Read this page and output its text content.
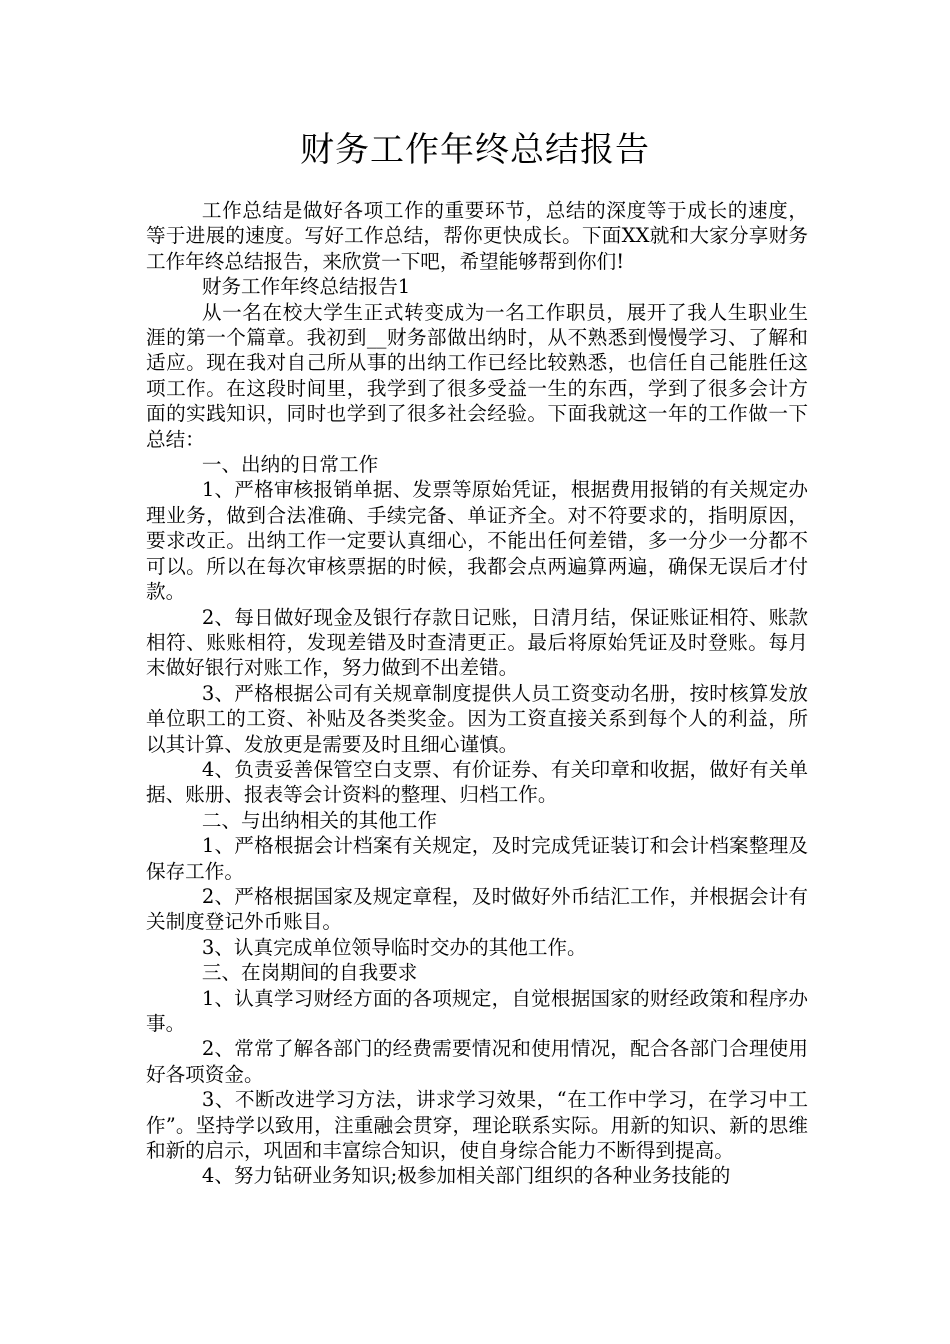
财务工作年终总结报告

工作总结是做好各项工作的重要环节，总结的深度等于成长的速度，等于进展的速度。写好工作总结，帮你更快成长。下面XX就和大家分享财务工作年终总结报告，来欣赏一下吧，希望能够帮到你们!

财务工作年终总结报告1

从一名在校大学生正式转变成为一名工作职员，展开了我人生职业生涯的第一个篇章。我初到__财务部做出纳时，从不熟悉到慢慢学习、了解和适应。现在我对自己所从事的出纳工作已经比较熟悉，也信任自己能胜任这项工作。在这段时间里，我学到了很多受益一生的东西，学到了很多会计方面的实践知识，同时也学到了很多社会经验。下面我就这一年的工作做一下总结：

一、出纳的日常工作

1、严格审核报销单据、发票等原始凭证，根据费用报销的有关规定办理业务，做到合法准确、手续完备、单证齐全。对不符要求的，指明原因，要求改正。出纳工作一定要认真细心，不能出任何差错，多一分少一分都不可以。所以在每次审核票据的时候，我都会点两遍算两遍，确保无误后才付款。

2、每日做好现金及银行存款日记账，日清月结，保证账证相符、账款相符、账账相符，发现差错及时查清更正。最后将原始凭证及时登账。每月末做好银行对账工作，努力做到不出差错。

3、严格根据公司有关规章制度提供人员工资变动名册，按时核算发放单位职工的工资、补贴及各类奖金。因为工资直接关系到每个人的利益，所以其计算、发放更是需要及时且细心谨慎。

4、负责妥善保管空白支票、有价证券、有关印章和收据，做好有关单据、账册、报表等会计资料的整理、归档工作。

二、与出纳相关的其他工作

1、严格根据会计档案有关规定，及时完成凭证装订和会计档案整理及保存工作。

2、严格根据国家及规定章程，及时做好外币结汇工作，并根据会计有关制度登记外币账目。

3、认真完成单位领导临时交办的其他工作。

三、在岗期间的自我要求

1、认真学习财经方面的各项规定，自觉根据国家的财经政策和程序办事。

2、常常了解各部门的经费需要情况和使用情况，配合各部门合理使用好各项资金。

3、不断改进学习方法，讲求学习效果，“在工作中学习，在学习中工作”。坚持学以致用，注重融会贯穿，理论联系实际。用新的知识、新的思维和新的启示，巩固和丰富综合知识，使自身综合能力不断得到提高。

4、努力钻研业务知识;极参加相关部门组织的各种业务技能的
